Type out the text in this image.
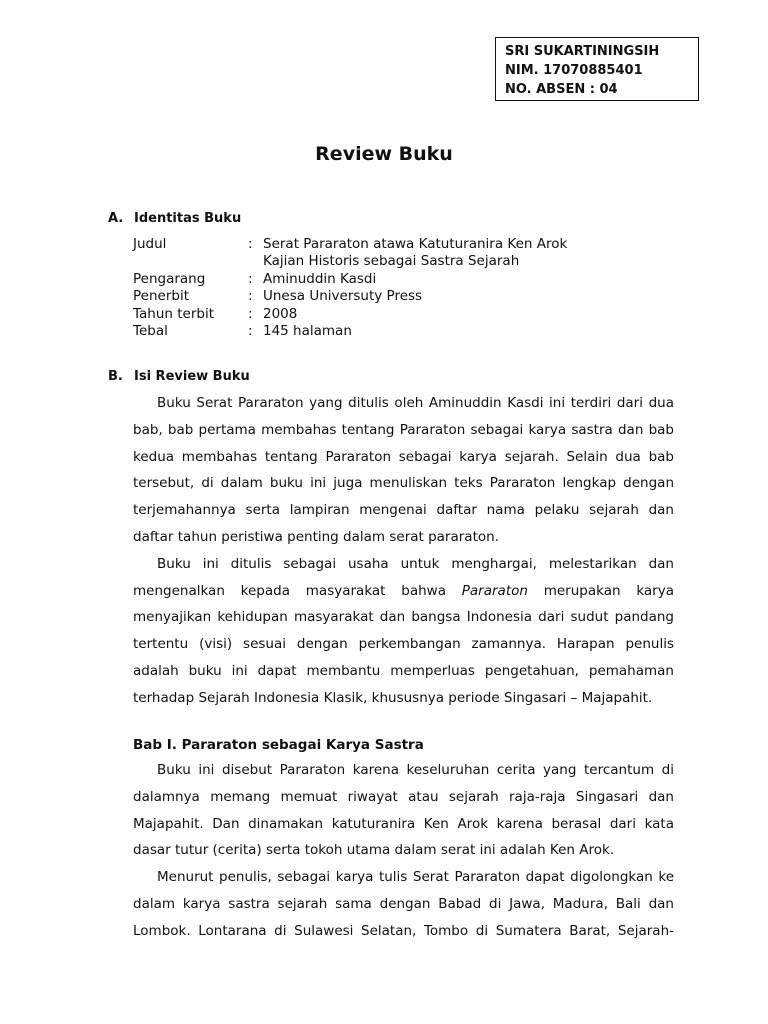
SRI SUKARTININGSIH
NIM. 17070885401
NO. ABSEN : 04
Review Buku
A. Identitas Buku
Judul	: Serat Pararaton atawa Katuturanira Ken Arok
Kajian Historis sebagai Sastra Sejarah
Pengarang	: Aminuddin Kasdi
Penerbit	: Unesa Universuty Press
Tahun terbit	: 2008
Tebal	: 145 halaman
B. Isi Review Buku

Buku Serat Pararaton yang ditulis oleh Aminuddin Kasdi ini terdiri dari dua bab, bab pertama membahas tentang Pararaton sebagai karya sastra dan bab kedua membahas tentang Pararaton sebagai karya sejarah. Selain dua bab tersebut, di dalam buku ini juga menuliskan teks Pararaton lengkap dengan terjemahannya serta lampiran mengenai daftar nama pelaku sejarah dan daftar tahun peristiwa penting dalam serat pararaton.

Buku ini ditulis sebagai usaha untuk menghargai, melestarikan dan mengenalkan kepada masyarakat bahwa Pararaton merupakan karya menyajikan kehidupan masyarakat dan bangsa Indonesia dari sudut pandang tertentu (visi) sesuai dengan perkembangan zamannya. Harapan penulis adalah buku ini dapat membantu memperluas pengetahuan, pemahaman terhadap Sejarah Indonesia Klasik, khususnya periode Singasari – Majapahit.

Bab I. Pararaton sebagai Karya Sastra

Buku ini disebut Pararaton karena keseluruhan cerita yang tercantum di dalamnya memang memuat riwayat atau sejarah raja-raja Singasari dan Majapahit. Dan dinamakan katuturanira Ken Arok karena berasal dari kata dasar tutur (cerita) serta tokoh utama dalam serat ini adalah Ken Arok.

Menurut penulis, sebagai karya tulis Serat Pararaton dapat digolongkan ke dalam karya sastra sejarah sama dengan Babad di Jawa, Madura, Bali dan Lombok. Lontarana di Sulawesi Selatan, Tombo di Sumatera Barat, Sejarah-
